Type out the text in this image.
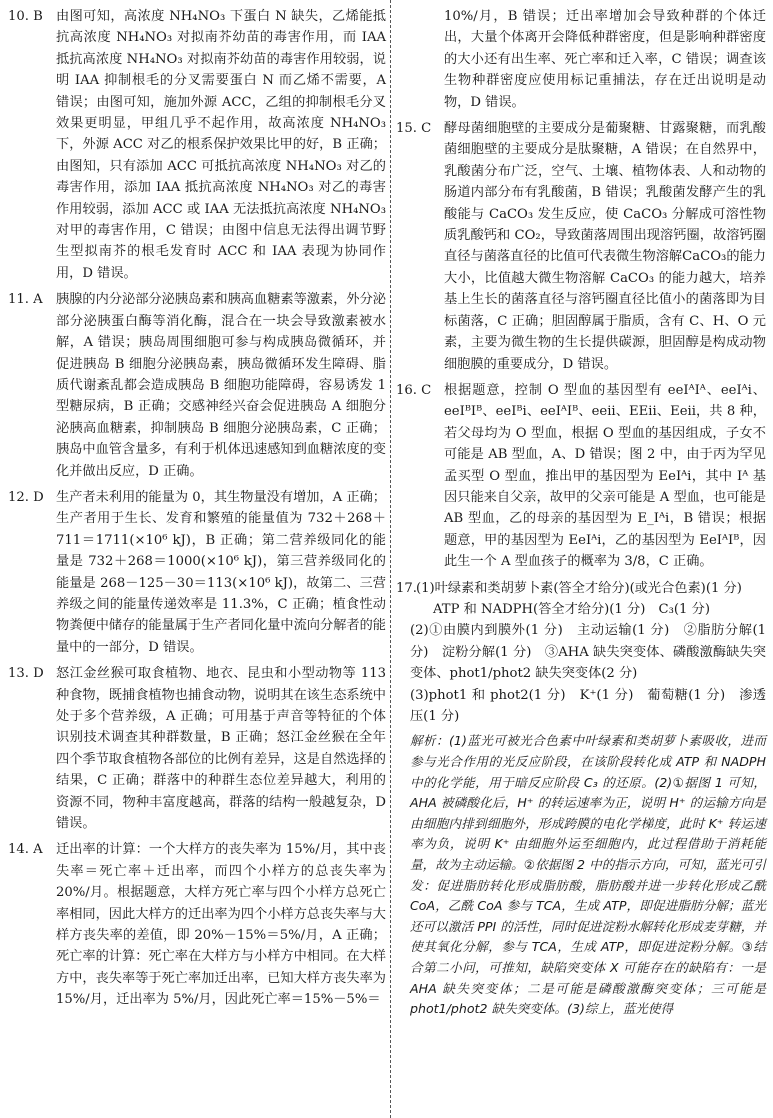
10. B 由图可知，高浓度 NH₄NO₃ 下蛋白 N 缺失，乙烯能抵抗高浓度 NH₄NO₃ 对拟南芥幼苗的毒害作用，而 IAA 抵抗高浓度 NH₄NO₃ 对拟南芥幼苗的毒害作用较弱，说明 IAA 抑制根毛的分叉需要蛋白 N 而乙烯不需要，A 错误；由图可知，施加外源 ACC，乙组的抑制根毛分叉效果更明显，甲组几乎不起作用，故高浓度 NH₄NO₃ 下，外源 ACC 对乙的根系保护效果比甲的好，B 正确；由图知，只有添加 ACC 可抵抗高浓度 NH₄NO₃ 对乙的毒害作用，添加 IAA 抵抗高浓度 NH₄NO₃ 对乙的毒害作用较弱，添加 ACC 或 IAA 无法抵抗高浓度 NH₄NO₃ 对甲的毒害作用，C 错误；由图中信息无法得出调节野生型拟南芥的根毛发育时 ACC 和 IAA 表现为协同作用，D 错误。

11. A	胰腺的内分泌部分泌胰岛素和胰高血糖素等激素，外分泌部分泌胰蛋白酶等消化酶，混合在一块会导致激素被水解，A 错误；胰岛周围细胞可参与构成胰岛微循环，并促进胰岛 B 细胞分泌胰岛素，胰岛微循环发生障碍、脂质代谢紊乱都会造成胰岛 B 细胞功能障碍，容易诱发 1 型糖尿病，B 正确；交感神经兴奋会促进胰岛 A 细胞分泌胰高血糖素，抑制胰岛 B 细胞分泌胰岛素，C 正确；胰岛中血管含量多，有利于机体迅速感知到血糖浓度的变化并做出反应，D 正确。

12. D 生产者未利用的能量为 0，其生物量没有增加，A 正确；生产者用于生长、发育和繁殖的能量值为 732＋268＋711＝1711(×10⁶ kJ)，B 正确；第二营养级同化的能量是 732＋268＝1000(×10⁶ kJ)，第三营养级同化的能量是 268－125－30＝113(×10⁶ kJ)，故第二、三营养级之间的能量传递效率是 11.3%，C 正确；植食性动物粪便中储存的能量属于生产者同化量中流向分解者的能量中的一部分，D 错误。

13. D 怒江金丝猴可取食植物、地衣、昆虫和小型动物等 113 种食物，既捕食植物也捕食动物，说明其在该生态系统中处于多个营养级，A 正确；可用基于声音等特征的个体识别技术调查其种群数量，B 正确；怒江金丝猴在全年四个季节取食植物各部位的比例有差异，这是自然选择的结果，C 正确；群落中的种群生态位差异越大，利用的资源不同，物种丰富度越高，群落的结构一般越复杂，D 错误。

14. A	迁出率的计算：一个大样方的丧失率为 15%/月，其中丧失率＝死亡率＋迁出率，而四个小样方的总丧失率为 20%/月。根据题意，大样方死亡率与四个小样方总死亡率相同，因此大样方的迁出率为四个小样方总丧失率与大样方丧失率的差值，即 20%－15%＝5%/月，A 正确；死亡率的计算：死亡率在大样方与小样方中相同。在大样方中，丧失率等于死亡率加迁出率，已知大样方丧失率为 15%/月，迁出率为 5%/月，因此死亡率＝15%－5%＝

10%/月，B 错误；迁出率增加会导致种群的个体迁出，大量个体离开会降低种群密度，但是影响种群密度的大小还有出生率、死亡率和迁入率，C 错误；调查该生物种群密度应使用标记重捕法，存在迁出说明是动物，D 错误。
15. C 酵母菌细胞壁的主要成分是葡聚糖、甘露聚糖，而乳酸菌细胞壁的主要成分是肽聚糖，A 错误；在自然界中，乳酸菌分布广泛，空气、土壤、植物体表、人和动物的肠道内部分布有乳酸菌，B 错误；乳酸菌发酵产生的乳酸能与 CaCO₃ 发生反应，使 CaCO₃ 分解成可溶性物质乳酸钙和 CO₂，导致菌落周围出现溶钙圈，故溶钙圈直径与菌落直径的比值可代表微生物溶解CaCO₃的能力大小，比值越大微生物溶解 CaCO₃ 的能力越大，培养基上生长的菌落直径与溶钙圈直径比值小的菌落即为目标菌落，C 正确；胆固醇属于脂质，含有 C、H、O 元素，主要为微生物的生长提供碳源，胆固醇是构成动物细胞膜的重要成分，D 错误。

16. C 根据题意，控制 O 型血的基因型有 eeIᴬIᴬ、eeIᴬi、eeIᴮIᴮ、eeIᴮi、eeIᴬIᴮ、eeii、EEii、Eeii，共 8 种，若父母均为 O 型血，根据 O 型血的基因组成，子女不可能是 AB 型血，A、D 错误；图 2 中，由于丙为罕见孟买型 O 型血，推出甲的基因型为 EeIᴬi，其中 Iᴬ 基因只能来自父亲，故甲的父亲可能是 A 型血，也可能是 AB 型血，乙的母亲的基因型为 E_Iᴬi，B 错误；根据题意，甲的基因型为 EeIᴬi，乙的基因型为 EeIᴬIᴮ，因此生一个 A 型血孩子的概率为 3/8，C 正确。

17.(1)叶绿素和类胡萝卜素(答全才给分)(或光合色素)(1 分)
ATP 和 NADPH(答全才给分)(1 分)　C₃(1 分)
(2)①由膜内到膜外(1 分)　主动运输(1 分)　②脂肪分解(1 分)　淀粉分解(1 分)　③AHA 缺失突变体、磷酸激酶缺失突变体、phot1/phot2 缺失突变体(2 分)
(3)phot1 和 phot2(1 分)　K⁺(1 分)　葡萄糖(1 分)　渗透压(1 分)
解析：(1)蓝光可被光合色素中叶绿素和类胡萝卜素吸收，进而参与光合作用的光反应阶段，在该阶段转化成 ATP 和 NADPH中的化学能，用于暗反应阶段 C₃ 的还原。(2)①据图 1 可知，AHA 被磷酸化后，H⁺ 的转运速率为正，说明 H⁺ 的运输方向是由细胞内排到细胞外，形成跨膜的电化学梯度，此时 K⁺ 转运速率为负，说明 K⁺ 由细胞外运至细胞内，此过程借助于消耗能量，故为主动运输。②依据图 2 中的指示方向，可知，蓝光可引发：促进脂肪转化形成脂肪酸，脂肪酸并进一步转化形成乙酰 CoA，乙酰 CoA 参与 TCA，生成 ATP，即促进脂肪分解；蓝光还可以激活 PPI 的活性，同时促进淀粉水解转化形成麦芽糖，并使其氧化分解，参与 TCA，生成 ATP，即促进淀粉分解。③结合第二小问，可推知，缺陷突变体 X 可能存在的缺陷有：一是 AHA 缺失突变体；二是可能是磷酸激酶突变体；三可能是 phot1/phot2 缺失突变体。(3)综上，蓝光使得
